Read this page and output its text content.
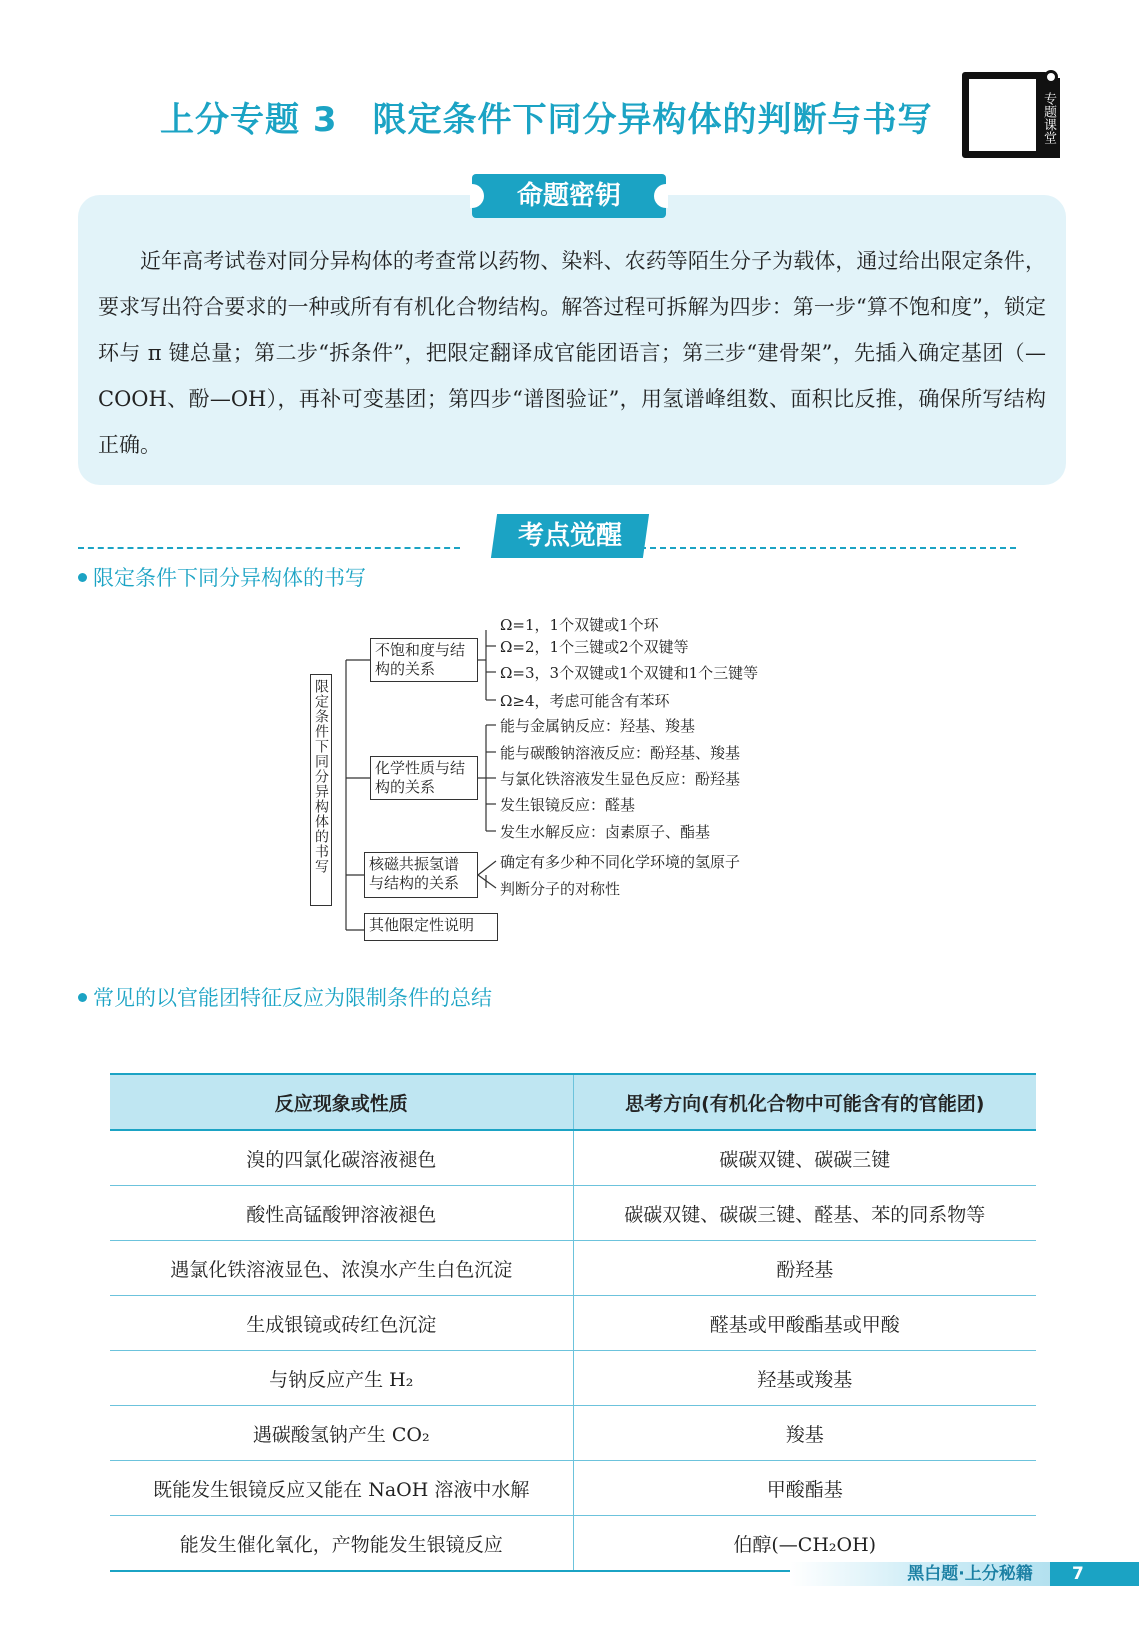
上分专题 3　限定条件下同分异构体的判断与书写	专题课堂
命题密钥

近年高考试卷对同分异构体的考查常以药物、染料、农药等陌生分子为载体，通过给出限定条件，要求写出符合要求的一种或所有有机化合物结构。解答过程可拆解为四步：第一步“算不饱和度”，锁定环与 π 键总量；第二步“拆条件”，把限定翻译成官能团语言；第三步“建骨架”，先插入确定基团（—COOH、酚—OH），再补可变基团；第四步“谱图验证”，用氢谱峰组数、面积比反推，确保所写结构正确。

考点觉醒
限定条件下同分异构体的书写
限定条件下同分异构体的书写
不饱和度与结构的关系
化学性质与结构的关系
核磁共振氢谱与结构的关系
其他限定性说明
Ω=1，1个双键或1个环
Ω=2，1个三键或2个双键等
Ω=3，3个双键或1个双键和1个三键等
Ω≥4，考虑可能含有苯环
能与金属钠反应：羟基、羧基
能与碳酸钠溶液反应：酚羟基、羧基
与氯化铁溶液发生显色反应：酚羟基
发生银镜反应：醛基
发生水解反应：卤素原子、酯基
确定有多少种不同化学环境的氢原子
判断分子的对称性
常见的以官能团特征反应为限制条件的总结
反应现象或性质	思考方向(有机化合物中可能含有的官能团)
溴的四氯化碳溶液褪色	碳碳双键、碳碳三键
酸性高锰酸钾溶液褪色	碳碳双键、碳碳三键、醛基、苯的同系物等
遇氯化铁溶液显色、浓溴水产生白色沉淀	酚羟基
生成银镜或砖红色沉淀	醛基或甲酸酯基或甲酸
与钠反应产生 H₂	羟基或羧基
遇碳酸氢钠产生 CO₂	羧基
既能发生银镜反应又能在 NaOH 溶液中水解	甲酸酯基
能发生催化氧化，产物能发生银镜反应	伯醇(—CH₂OH)
黑白题·上分秘籍	7
